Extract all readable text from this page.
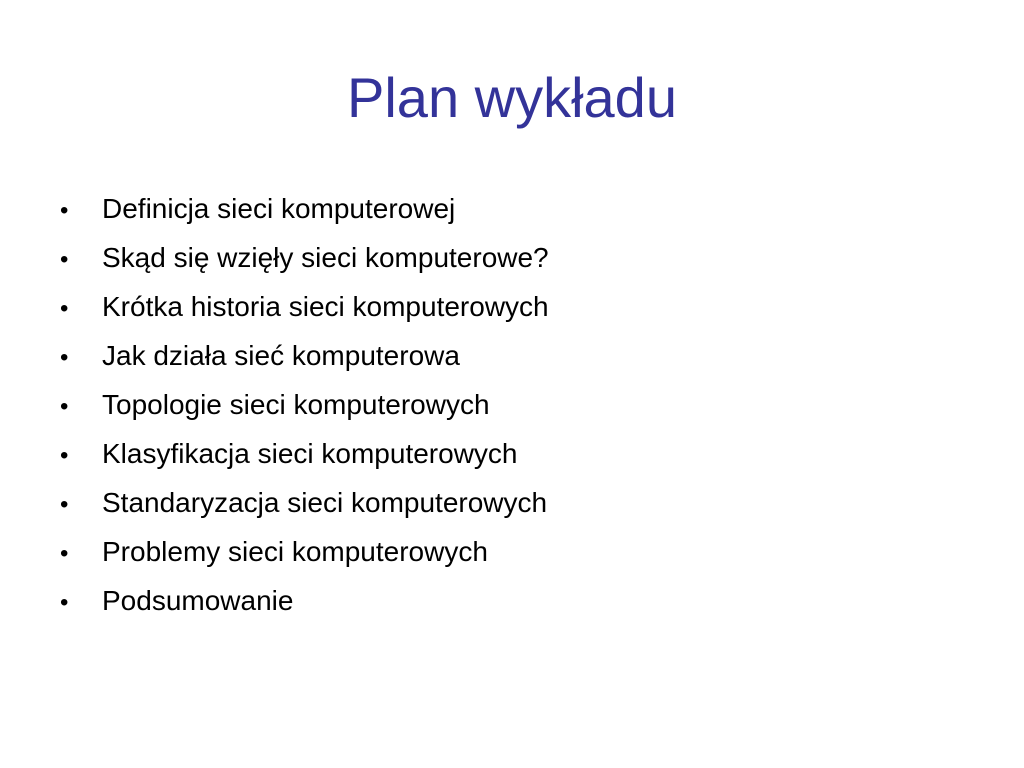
Plan wykładu
•	Definicja sieci komputerowej
•	Skąd się wzięły sieci komputerowe?
•	Krótka historia sieci komputerowych
•	Jak działa sieć komputerowa
•	Topologie sieci komputerowych
•	Klasyfikacja sieci komputerowych
•	Standaryzacja sieci komputerowych
•	Problemy sieci komputerowych
•	Podsumowanie
